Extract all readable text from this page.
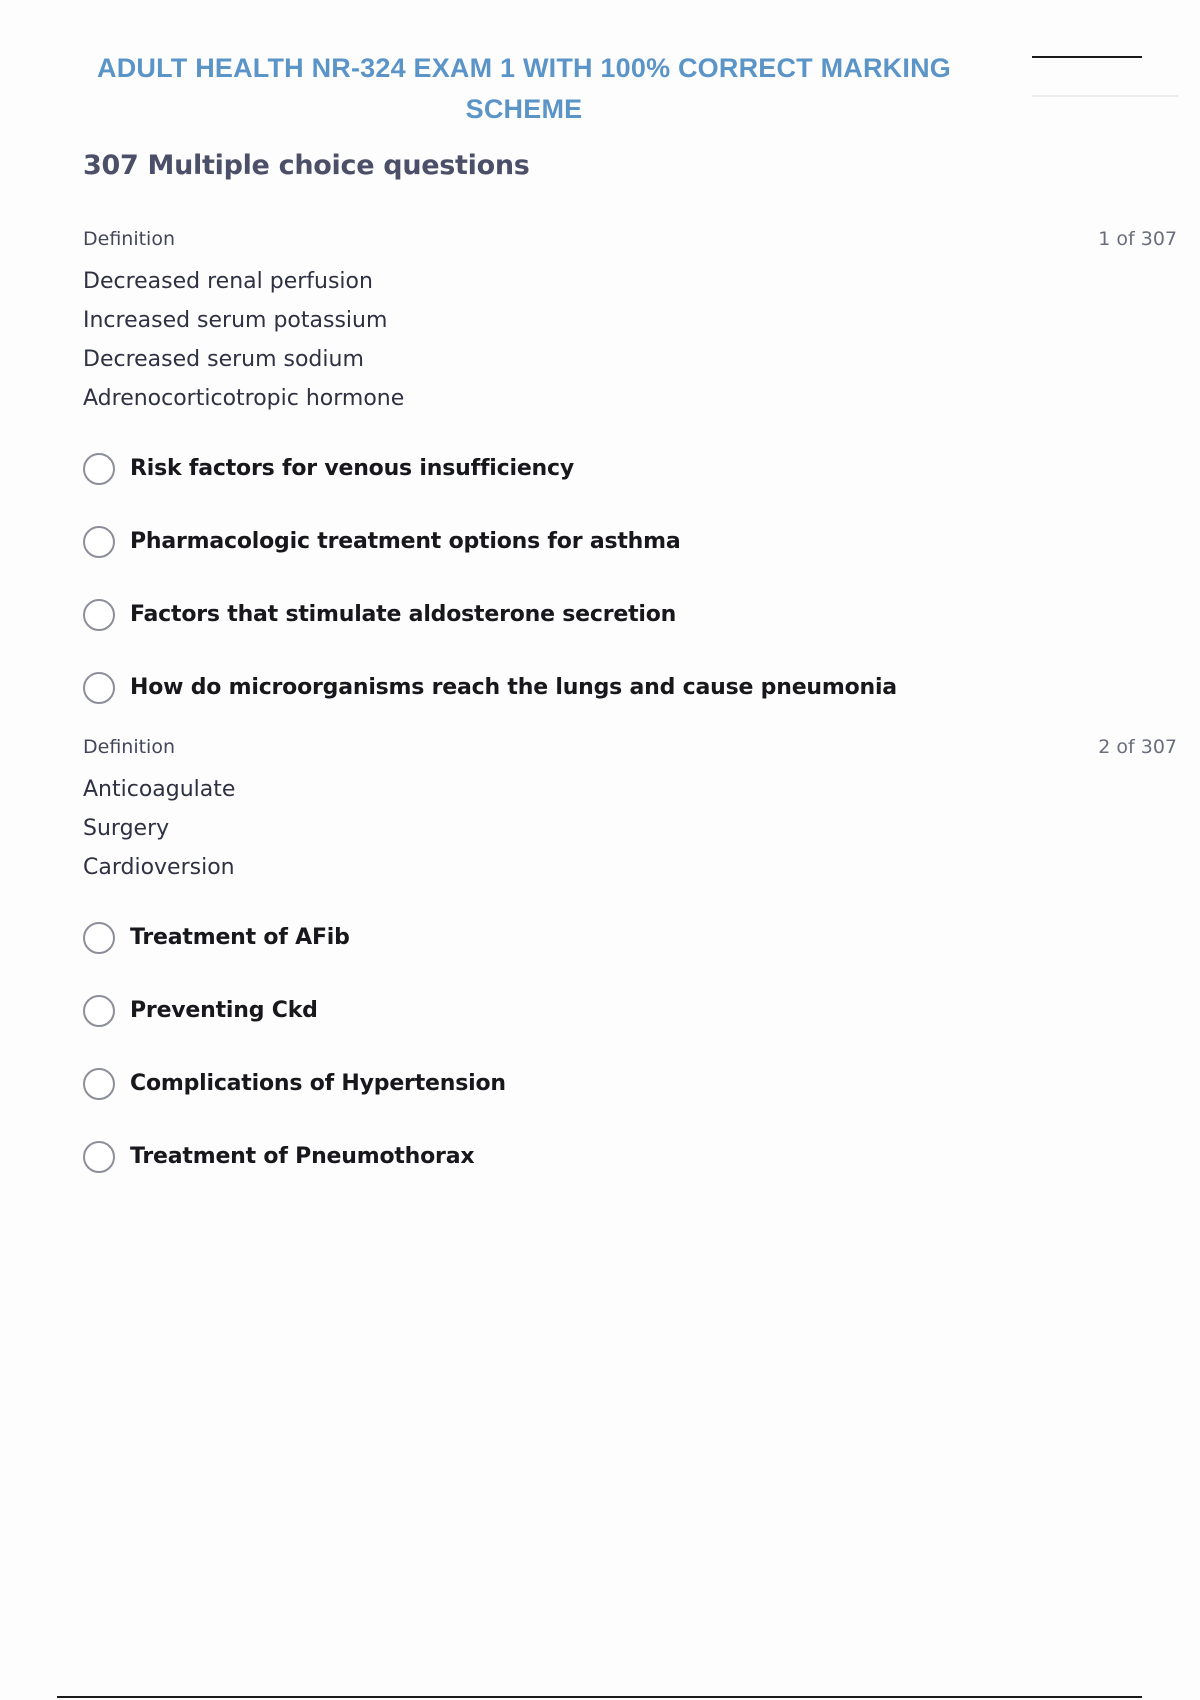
ADULT HEALTH NR-324 EXAM 1 WITH 100% CORRECT MARKING SCHEME
307 Multiple choice questions
Definition	1 of 307
Decreased renal perfusion
Increased serum potassium
Decreased serum sodium
Adrenocorticotropic hormone
Risk factors for venous insufficiency
Pharmacologic treatment options for asthma
Factors that stimulate aldosterone secretion
How do microorganisms reach the lungs and cause pneumonia
Definition	2 of 307
Anticoagulate
Surgery
Cardioversion
Treatment of AFib
Preventing Ckd
Complications of Hypertension
Treatment of Pneumothorax
